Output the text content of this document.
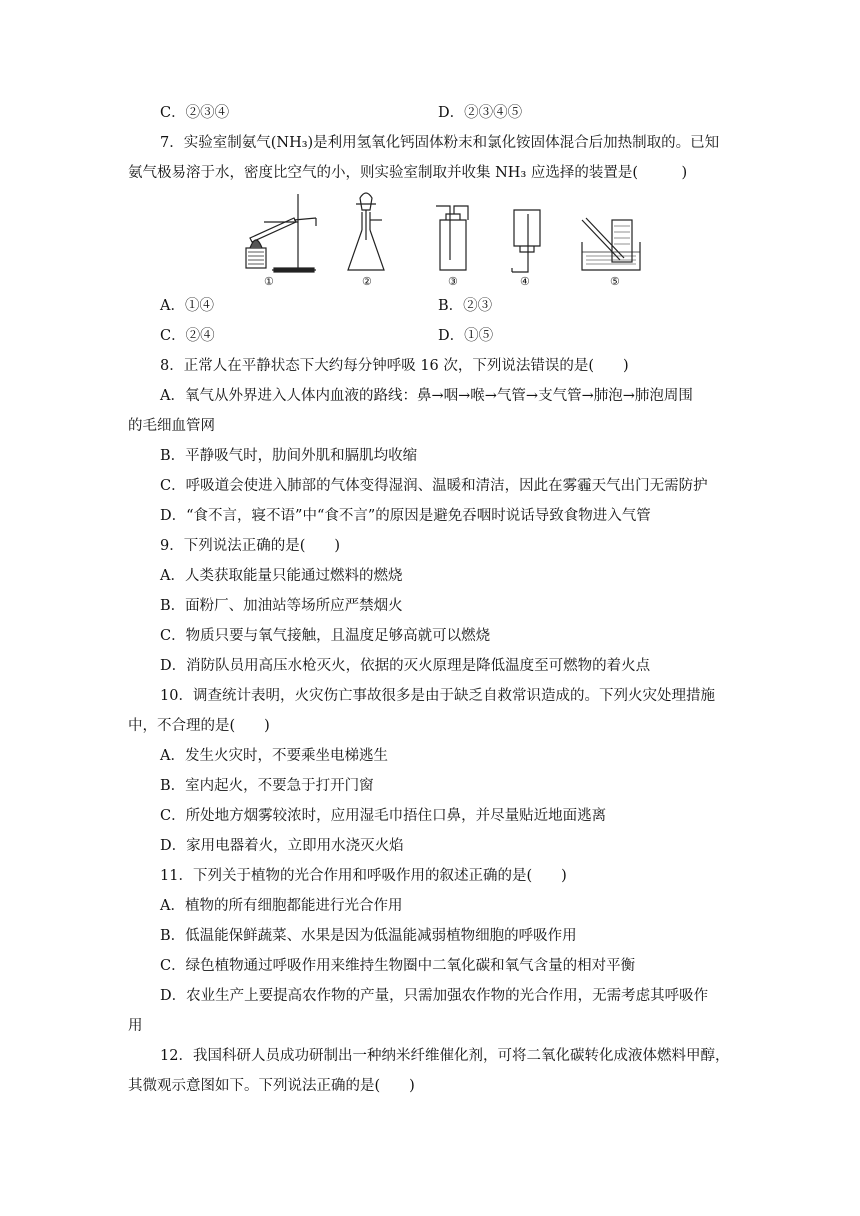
C．②③④	D．②③④⑤
7．实验室制氨气(NH₃)是利用氢氧化钙固体粉末和氯化铵固体混合后加热制取的。已知
氨气极易溶于水，密度比空气的小，则实验室制取并收集 NH₃ 应选择的装置是(　　　)
①	②	③	④	⑤
A．①④	B．②③
C．②④	D．①⑤
8．正常人在平静状态下大约每分钟呼吸 16 次，下列说法错误的是(　　)
A．氧气从外界进入人体内血液的路线：鼻→咽→喉→气管→支气管→肺泡→肺泡周围
的毛细血管网
B．平静吸气时，肋间外肌和膈肌均收缩
C．呼吸道会使进入肺部的气体变得湿润、温暖和清洁，因此在雾霾天气出门无需防护
D．“食不言，寝不语”中“食不言”的原因是避免吞咽时说话导致食物进入气管
9．下列说法正确的是(　　)
A．人类获取能量只能通过燃料的燃烧
B．面粉厂、加油站等场所应严禁烟火
C．物质只要与氧气接触，且温度足够高就可以燃烧
D．消防队员用高压水枪灭火，依据的灭火原理是降低温度至可燃物的着火点
10．调查统计表明，火灾伤亡事故很多是由于缺乏自救常识造成的。下列火灾处理措施
中，不合理的是(　　)
A．发生火灾时，不要乘坐电梯逃生
B．室内起火，不要急于打开门窗
C．所处地方烟雾较浓时，应用湿毛巾捂住口鼻，并尽量贴近地面逃离
D．家用电器着火，立即用水浇灭火焰
11．下列关于植物的光合作用和呼吸作用的叙述正确的是(　　)
A．植物的所有细胞都能进行光合作用
B．低温能保鲜蔬菜、水果是因为低温能减弱植物细胞的呼吸作用
C．绿色植物通过呼吸作用来维持生物圈中二氧化碳和氧气含量的相对平衡
D．农业生产上要提高农作物的产量，只需加强农作物的光合作用，无需考虑其呼吸作
用
12．我国科研人员成功研制出一种纳米纤维催化剂，可将二氧化碳转化成液体燃料甲醇，
其微观示意图如下。下列说法正确的是(　　)
